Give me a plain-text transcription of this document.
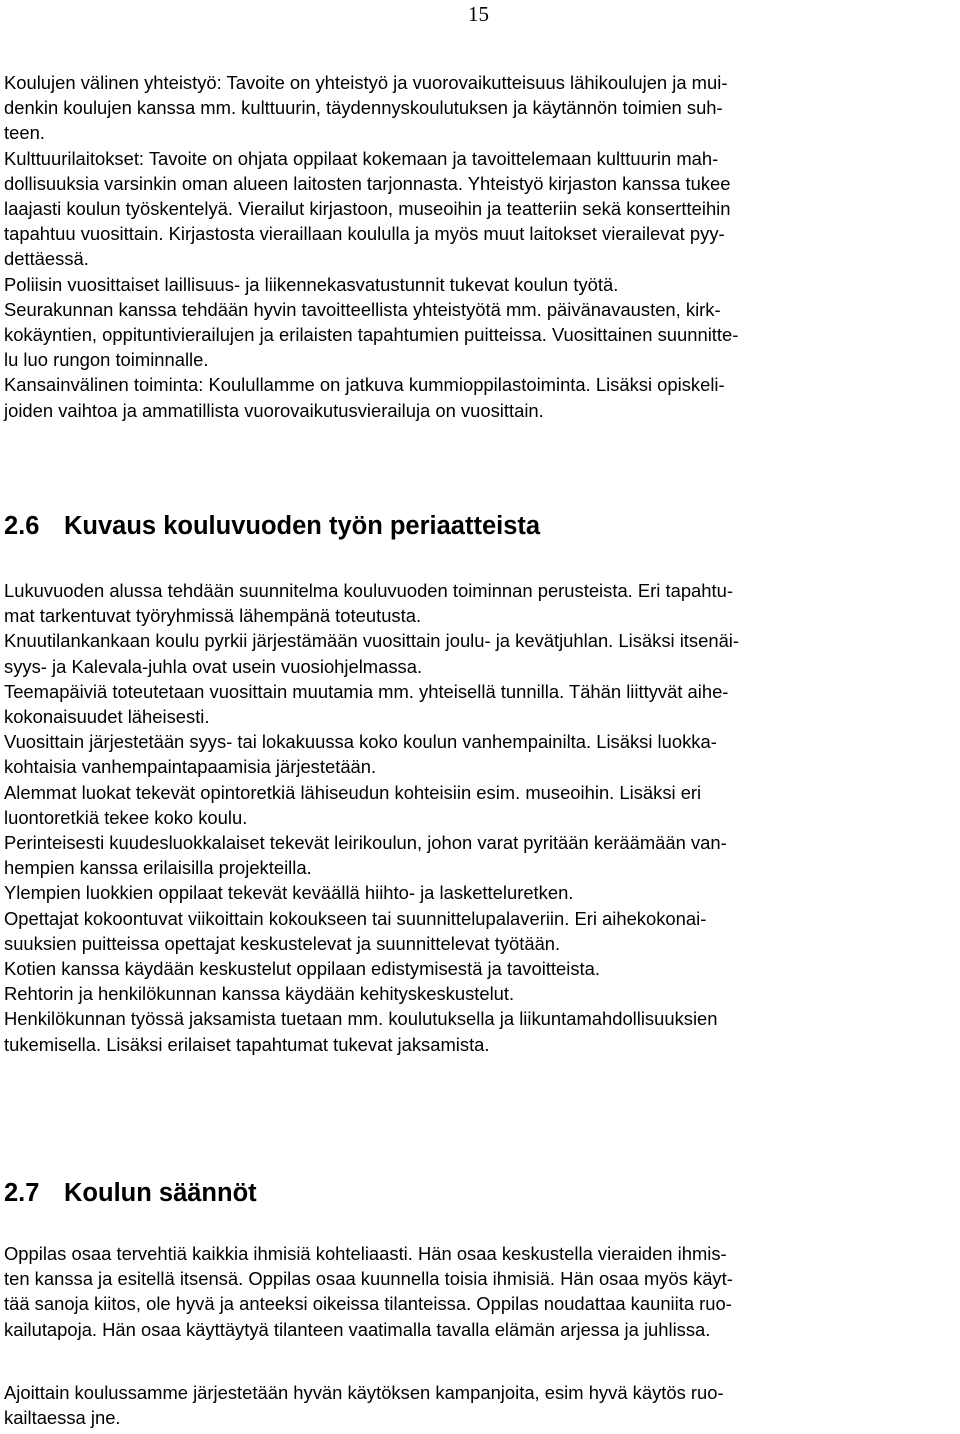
15
Koulujen välinen yhteistyö: Tavoite on yhteistyö ja vuorovaikutteisuus lähikoulujen ja mui-
denkin koulujen kanssa mm. kulttuurin, täydennyskoulutuksen ja käytännön toimien suh-
teen.
Kulttuurilaitokset: Tavoite on ohjata oppilaat kokemaan ja tavoittelemaan kulttuurin mah-
dollisuuksia varsinkin oman alueen laitosten tarjonnasta. Yhteistyö kirjaston kanssa tukee
laajasti koulun työskentelyä. Vierailut kirjastoon, museoihin ja teatteriin sekä konsertteihin
tapahtuu vuosittain. Kirjastosta vieraillaan koululla ja myös muut laitokset vierailevat pyy-
dettäessä.
Poliisin vuosittaiset laillisuus- ja liikennekasvatustunnit tukevat koulun työtä.
Seurakunnan kanssa tehdään hyvin tavoitteellista yhteistyötä mm. päivänavausten, kirk-
kokäyntien, oppituntivierailujen ja erilaisten tapahtumien puitteissa. Vuosittainen suunnitte-
lu luo rungon toiminnalle.
Kansainvälinen toiminta: Koulullamme on jatkuva kummioppilastoiminta. Lisäksi opiskeli-
joiden vaihtoa ja ammatillista vuorovaikutusvierailuja on vuosittain.
2.6 Kuvaus kouluvuoden työn periaatteista
Lukuvuoden alussa tehdään suunnitelma kouluvuoden toiminnan perusteista. Eri tapahtu-
mat tarkentuvat työryhmissä lähempänä toteutusta.
Knuutilankankaan koulu pyrkii järjestämään vuosittain joulu- ja kevätjuhlan. Lisäksi itsenäi-
syys- ja Kalevala-juhla ovat usein vuosiohjelmassa.
Teemapäiviä toteutetaan vuosittain muutamia mm. yhteisellä tunnilla. Tähän liittyvät aihe-
kokonaisuudet läheisesti.
Vuosittain järjestetään syys- tai lokakuussa koko koulun vanhempainilta. Lisäksi luokka-
kohtaisia vanhempaintapaamisia järjestetään.
Alemmat luokat tekevät opintoretkiä lähiseudun kohteisiin esim. museoihin. Lisäksi eri
luontoretkiä tekee koko koulu.
Perinteisesti kuudesluokkalaiset tekevät leirikoulun, johon varat pyritään keräämään van-
hempien kanssa erilaisilla projekteilla.
Ylempien luokkien oppilaat tekevät keväällä hiihto- ja lasketteluretken.
Opettajat kokoontuvat viikoittain kokoukseen tai suunnittelupalaveriin. Eri aihekokonai-
suuksien puitteissa opettajat keskustelevat ja suunnittelevat työtään.
Kotien kanssa käydään keskustelut oppilaan edistymisestä ja tavoitteista.
Rehtorin ja henkilökunnan kanssa käydään kehityskeskustelut.
Henkilökunnan työssä jaksamista tuetaan mm. koulutuksella ja liikuntamahdollisuuksien
tukemisella. Lisäksi erilaiset tapahtumat tukevat jaksamista.
2.7 Koulun säännöt
Oppilas osaa tervehtiä kaikkia ihmisiä kohteliaasti. Hän osaa keskustella vieraiden ihmis-
ten kanssa ja esitellä itsensä. Oppilas osaa kuunnella toisia ihmisiä. Hän osaa myös käyt-
tää sanoja kiitos, ole hyvä ja anteeksi oikeissa tilanteissa. Oppilas noudattaa kauniita ruo-
kailutapoja. Hän osaa käyttäytyä tilanteen vaatimalla tavalla elämän arjessa ja juhlissa.
Ajoittain koulussamme järjestetään hyvän käytöksen kampanjoita, esim hyvä käytös ruo-
kailtaessa jne.
